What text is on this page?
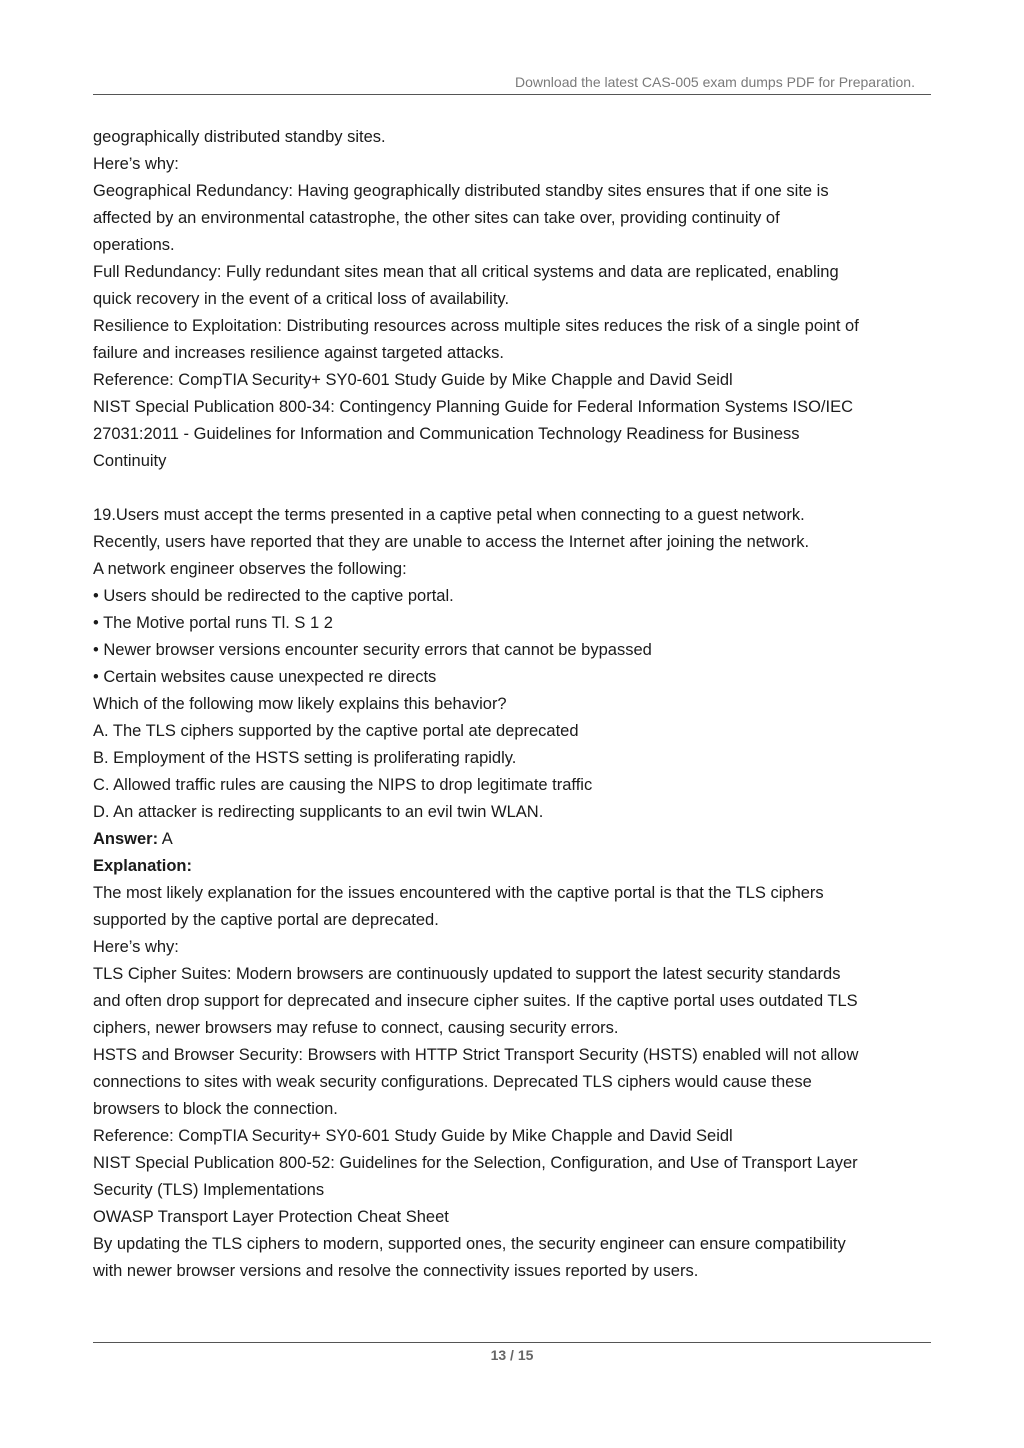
Download the latest CAS-005 exam dumps PDF for Preparation.
geographically distributed standby sites.
Here’s why:
Geographical Redundancy: Having geographically distributed standby sites ensures that if one site is
affected by an environmental catastrophe, the other sites can take over, providing continuity of
operations.
Full Redundancy: Fully redundant sites mean that all critical systems and data are replicated, enabling
quick recovery in the event of a critical loss of availability.
Resilience to Exploitation: Distributing resources across multiple sites reduces the risk of a single point of
failure and increases resilience against targeted attacks.
Reference: CompTIA Security+ SY0-601 Study Guide by Mike Chapple and David Seidl
NIST Special Publication 800-34: Contingency Planning Guide for Federal Information Systems ISO/IEC
27031:2011 - Guidelines for Information and Communication Technology Readiness for Business
Continuity
19.Users must accept the terms presented in a captive petal when connecting to a guest network.
Recently, users have reported that they are unable to access the Internet after joining the network.
A network engineer observes the following:
• Users should be redirected to the captive portal.
• The Motive portal runs Tl. S 1 2
• Newer browser versions encounter security errors that cannot be bypassed
• Certain websites cause unexpected re directs
Which of the following mow likely explains this behavior?
A. The TLS ciphers supported by the captive portal ate deprecated
B. Employment of the HSTS setting is proliferating rapidly.
C. Allowed traffic rules are causing the NIPS to drop legitimate traffic
D. An attacker is redirecting supplicants to an evil twin WLAN.
Answer: A
Explanation:
The most likely explanation for the issues encountered with the captive portal is that the TLS ciphers
supported by the captive portal are deprecated.
Here’s why:
TLS Cipher Suites: Modern browsers are continuously updated to support the latest security standards
and often drop support for deprecated and insecure cipher suites. If the captive portal uses outdated TLS
ciphers, newer browsers may refuse to connect, causing security errors.
HSTS and Browser Security: Browsers with HTTP Strict Transport Security (HSTS) enabled will not allow
connections to sites with weak security configurations. Deprecated TLS ciphers would cause these
browsers to block the connection.
Reference: CompTIA Security+ SY0-601 Study Guide by Mike Chapple and David Seidl
NIST Special Publication 800-52: Guidelines for the Selection, Configuration, and Use of Transport Layer
Security (TLS) Implementations
OWASP Transport Layer Protection Cheat Sheet
By updating the TLS ciphers to modern, supported ones, the security engineer can ensure compatibility
with newer browser versions and resolve the connectivity issues reported by users.
13 / 15
